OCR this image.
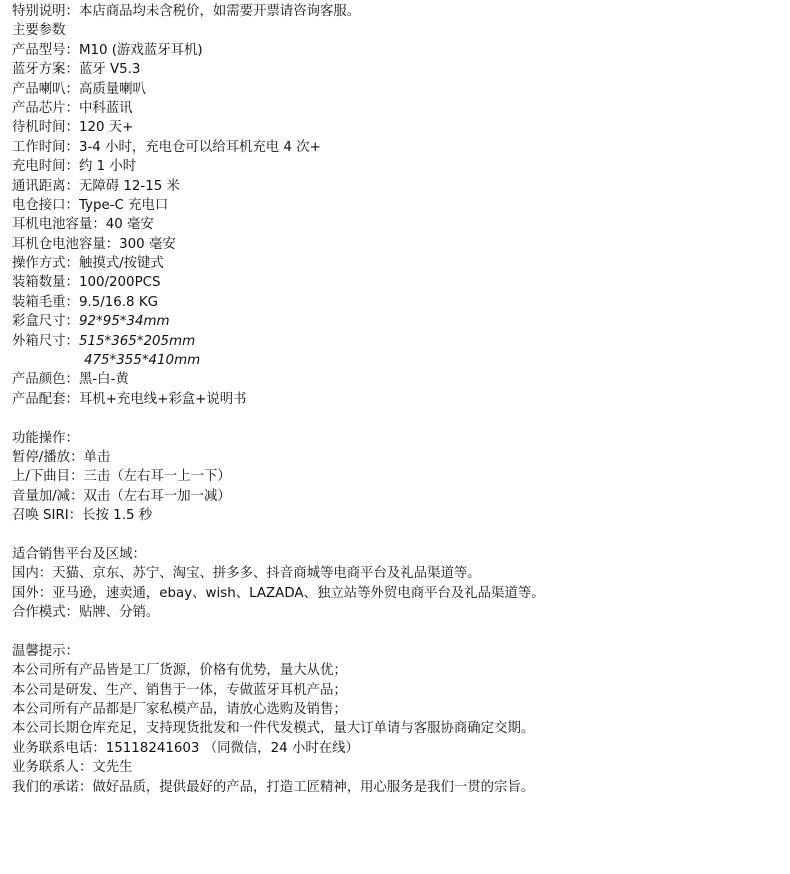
特别说明：本店商品均未含税价，如需要开票请咨询客服。
主要参数
产品型号：M10 (游戏蓝牙耳机)
蓝牙方案：蓝牙 V5.3
产品喇叭：高质量喇叭
产品芯片：中科蓝讯
待机时间：120 天+
工作时间：3-4 小时，充电仓可以给耳机充电 4 次+
充电时间：约 1 小时
通讯距离：无障碍 12-15 米
电仓接口：Type-C 充电口
耳机电池容量：40 毫安
耳机仓电池容量：300 毫安
操作方式：触摸式/按键式
装箱数量：100/200PCS
装箱毛重：9.5/16.8 KG
彩盒尺寸：92*95*34mm
外箱尺寸：515*365*205mm
475*355*410mm
产品颜色：黑-白-黄
产品配套：耳机+充电线+彩盒+说明书
功能操作：
暂停/播放：单击
上/下曲目：三击（左右耳一上一下）
音量加/减：双击（左右耳一加一减）
召唤 SIRI：长按 1.5 秒
适合销售平台及区域：
国内：天猫、京东、苏宁、淘宝、拼多多、抖音商城等电商平台及礼品渠道等。
国外：亚马逊，速卖通，ebay、wish、LAZADA、独立站等外贸电商平台及礼品渠道等。
合作模式：贴牌、分销。
温馨提示：
本公司所有产品皆是工厂货源，价格有优势，量大从优；
本公司是研发、生产、销售于一体，专做蓝牙耳机产品；
本公司所有产品都是厂家私模产品，请放心选购及销售；
本公司长期仓库充足，支持现货批发和一件代发模式，量大订单请与客服协商确定交期。
业务联系电话：15118241603 （同微信，24 小时在线）
业务联系人：文先生
我们的承诺：做好品质，提供最好的产品，打造工匠精神，用心服务是我们一贯的宗旨。
